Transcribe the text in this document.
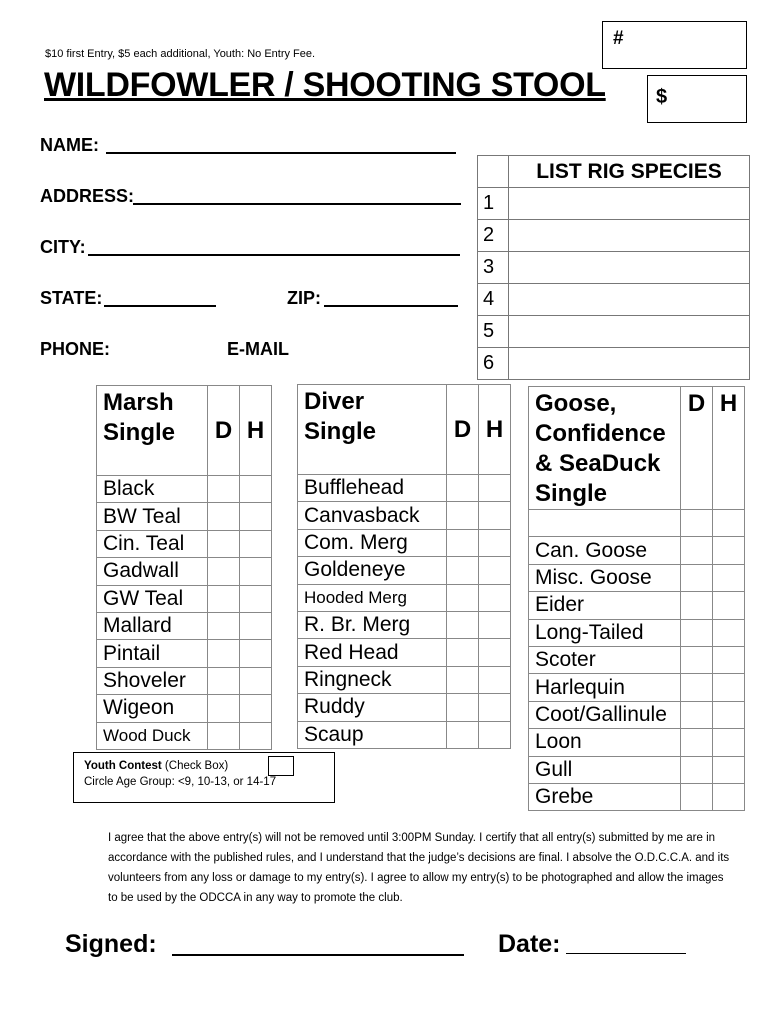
$10 first Entry, $5 each additional, Youth: No Entry Fee.
#
$
WILDFOWLER / SHOOTING STOOL
NAME:
ADDRESS:
CITY:
STATE:	ZIP:
PHONE:	E-MAIL
	LIST RIG SPECIES
1	
2	
3	
4	
5	
6	
Marsh
Single	D	H
Black		
BW Teal		
Cin. Teal		
Gadwall		
GW Teal		
Mallard		
Pintail		
Shoveler		
Wigeon		
Wood Duck		
Diver
Single	D	H
Bufflehead		
Canvasback		
Com. Merg		
Goldeneye		
Hooded Merg		
R. Br. Merg		
Red Head		
Ringneck		
Ruddy		
Scaup		
Goose,
Confidence
& SeaDuck
Single	D	H

Can. Goose		
Misc. Goose		
Eider		
Long-Tailed		
Scoter		
Harlequin		
Coot/Gallinule		
Loon		
Gull		
Grebe		
Youth Contest (Check Box)
Circle Age Group: <9, 10-13, or 14-17
I agree that the above entry(s) will not be removed until 3:00PM Sunday. I certify that all entry(s) submitted by me are in accordance with the published rules, and I understand that the judge’s decisions are final. I absolve the O.D.C.C.A. and its volunteers from any loss or damage to my entry(s). I agree to allow my entry(s) to be photographed and allow the images to be used by the ODCCA in any way to promote the club.
Signed:	Date:
